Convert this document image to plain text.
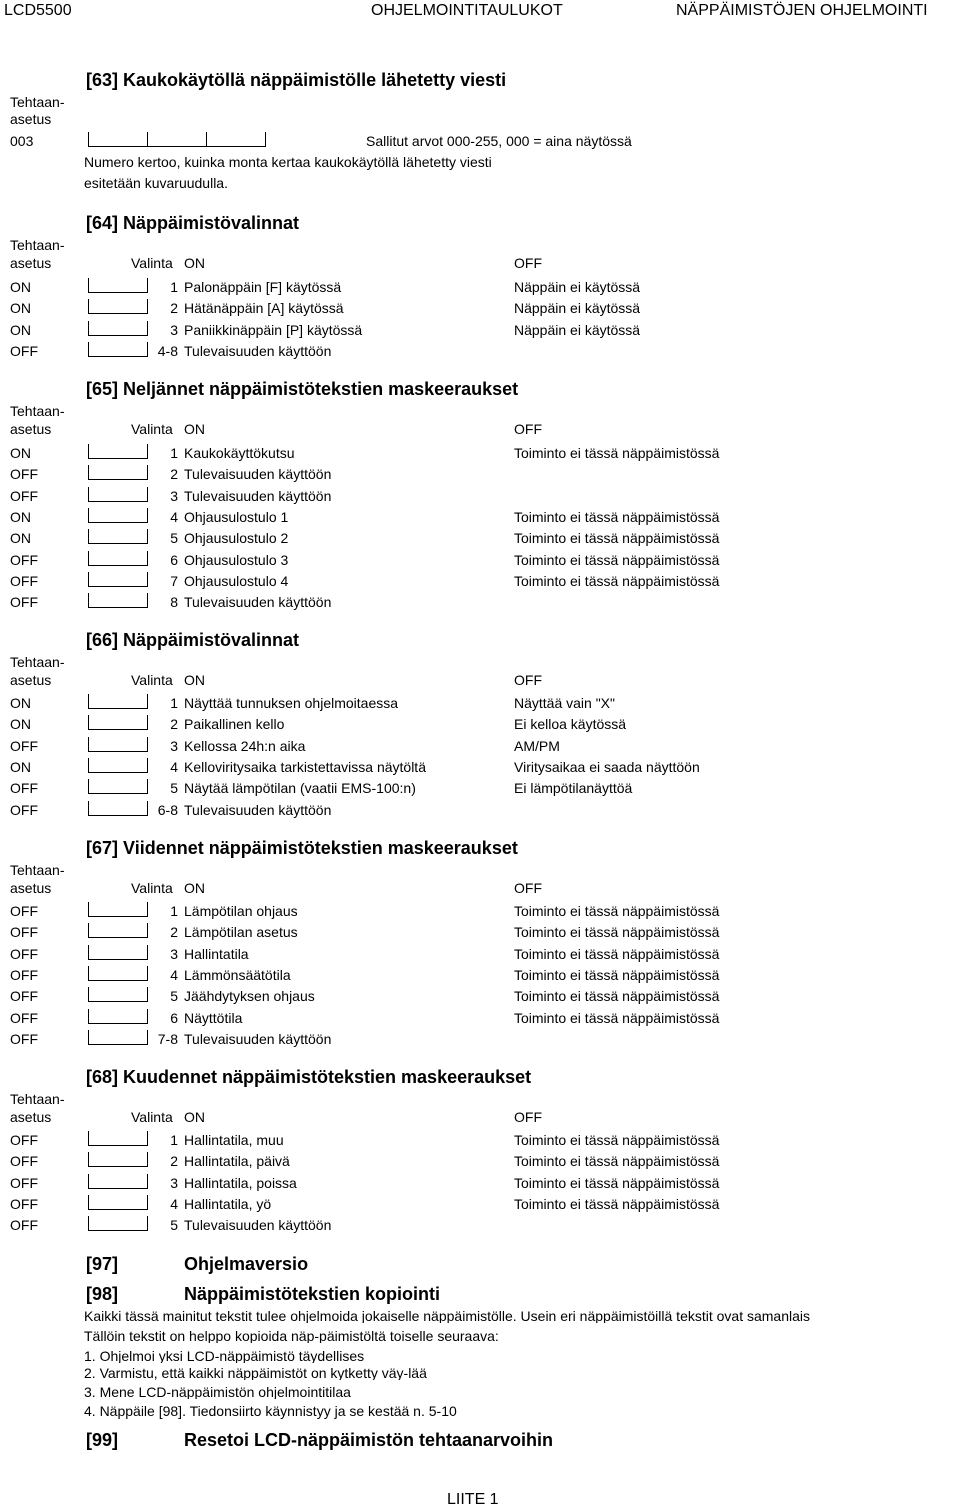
LCD5500	OHJELMOINTITAULUKOT	NÄPPÄIMISTÖJEN OHJELMOINTI
[63] Kaukokäytöllä näppäimistölle lähetetty viesti
Tehtaan-
asetus
003	Sallitut arvot 000-255, 000 = aina näytössä
Numero kertoo, kuinka monta kertaa kaukokäytöllä lähetetty viesti
esitetään kuvaruudulla.
[64] Näppäimistövalinnat
Tehtaan-
asetus	Valinta ON	OFF
ON	1 Palonäppäin [F] käytössä	Näppäin ei käytössä
ON	2 Hätänäppäin [A] käytössä	Näppäin ei käytössä
ON	3 Paniikkinäppäin [P] käytössä	Näppäin ei käytössä
OFF	4-8 Tulevaisuuden käyttöön
[65] Neljännet näppäimistötekstien maskeeraukset
Tehtaan-
asetus	Valinta ON	OFF
ON	1 Kaukokäyttökutsu	Toiminto ei tässä näppäimistössä
OFF	2 Tulevaisuuden käyttöön
OFF	3 Tulevaisuuden käyttöön
ON	4 Ohjausulostulo 1	Toiminto ei tässä näppäimistössä
ON	5 Ohjausulostulo 2	Toiminto ei tässä näppäimistössä
OFF	6 Ohjausulostulo 3	Toiminto ei tässä näppäimistössä
OFF	7 Ohjausulostulo 4	Toiminto ei tässä näppäimistössä
OFF	8 Tulevaisuuden käyttöön
[66] Näppäimistövalinnat
Tehtaan-
asetus	Valinta ON	OFF
ON	1 Näyttää tunnuksen ohjelmoitaessa	Näyttää vain "X"
ON	2 Paikallinen kello	Ei kelloa käytössä
OFF	3 Kellossa 24h:n aika	AM/PM
ON	4 Kelloviritysaika tarkistettavissa näytöltä	Viritysaikaa ei saada näyttöön
OFF	5 Näytää lämpötilan (vaatii EMS-100:n)	Ei lämpötilanäyttöä
OFF	6-8 Tulevaisuuden käyttöön
[67] Viidennet näppäimistötekstien maskeeraukset
Tehtaan-
asetus	Valinta ON	OFF
OFF	1 Lämpötilan ohjaus	Toiminto ei tässä näppäimistössä
OFF	2 Lämpötilan asetus	Toiminto ei tässä näppäimistössä
OFF	3 Hallintatila	Toiminto ei tässä näppäimistössä
OFF	4 Lämmönsäätötila	Toiminto ei tässä näppäimistössä
OFF	5 Jäähdytyksen ohjaus	Toiminto ei tässä näppäimistössä
OFF	6 Näyttötila	Toiminto ei tässä näppäimistössä
OFF	7-8 Tulevaisuuden käyttöön
[68] Kuudennet näppäimistötekstien maskeeraukset
Tehtaan-
asetus	Valinta ON	OFF
OFF	1 Hallintatila, muu	Toiminto ei tässä näppäimistössä
OFF	2 Hallintatila, päivä	Toiminto ei tässä näppäimistössä
OFF	3 Hallintatila, poissa	Toiminto ei tässä näppäimistössä
OFF	4 Hallintatila, yö	Toiminto ei tässä näppäimistössä
OFF	5 Tulevaisuuden käyttöön
[97]	Ohjelmaversio
[98]	Näppäimistötekstien kopiointi
Kaikki tässä mainitut tekstit tulee ohjelmoida jokaiselle näppäimistölle. Usein eri näppäimistöillä tekstit ovat samanlais
Tällöin tekstit on helppo kopioida näp-päimistöltä toiselle seuraava:
1. Ohjelmoi yksi LCD-näppäimistö täydellises
2. Varmistu, että kaikki näppäimistöt on kytketty väy-lää
3. Mene LCD-näppäimistön ohjelmointitilaa
4. Näppäile [98]. Tiedonsiirto käynnistyy ja se kestää n. 5-10
[99]	Resetoi LCD-näppäimistön tehtaanarvoihin
LIITE 1
